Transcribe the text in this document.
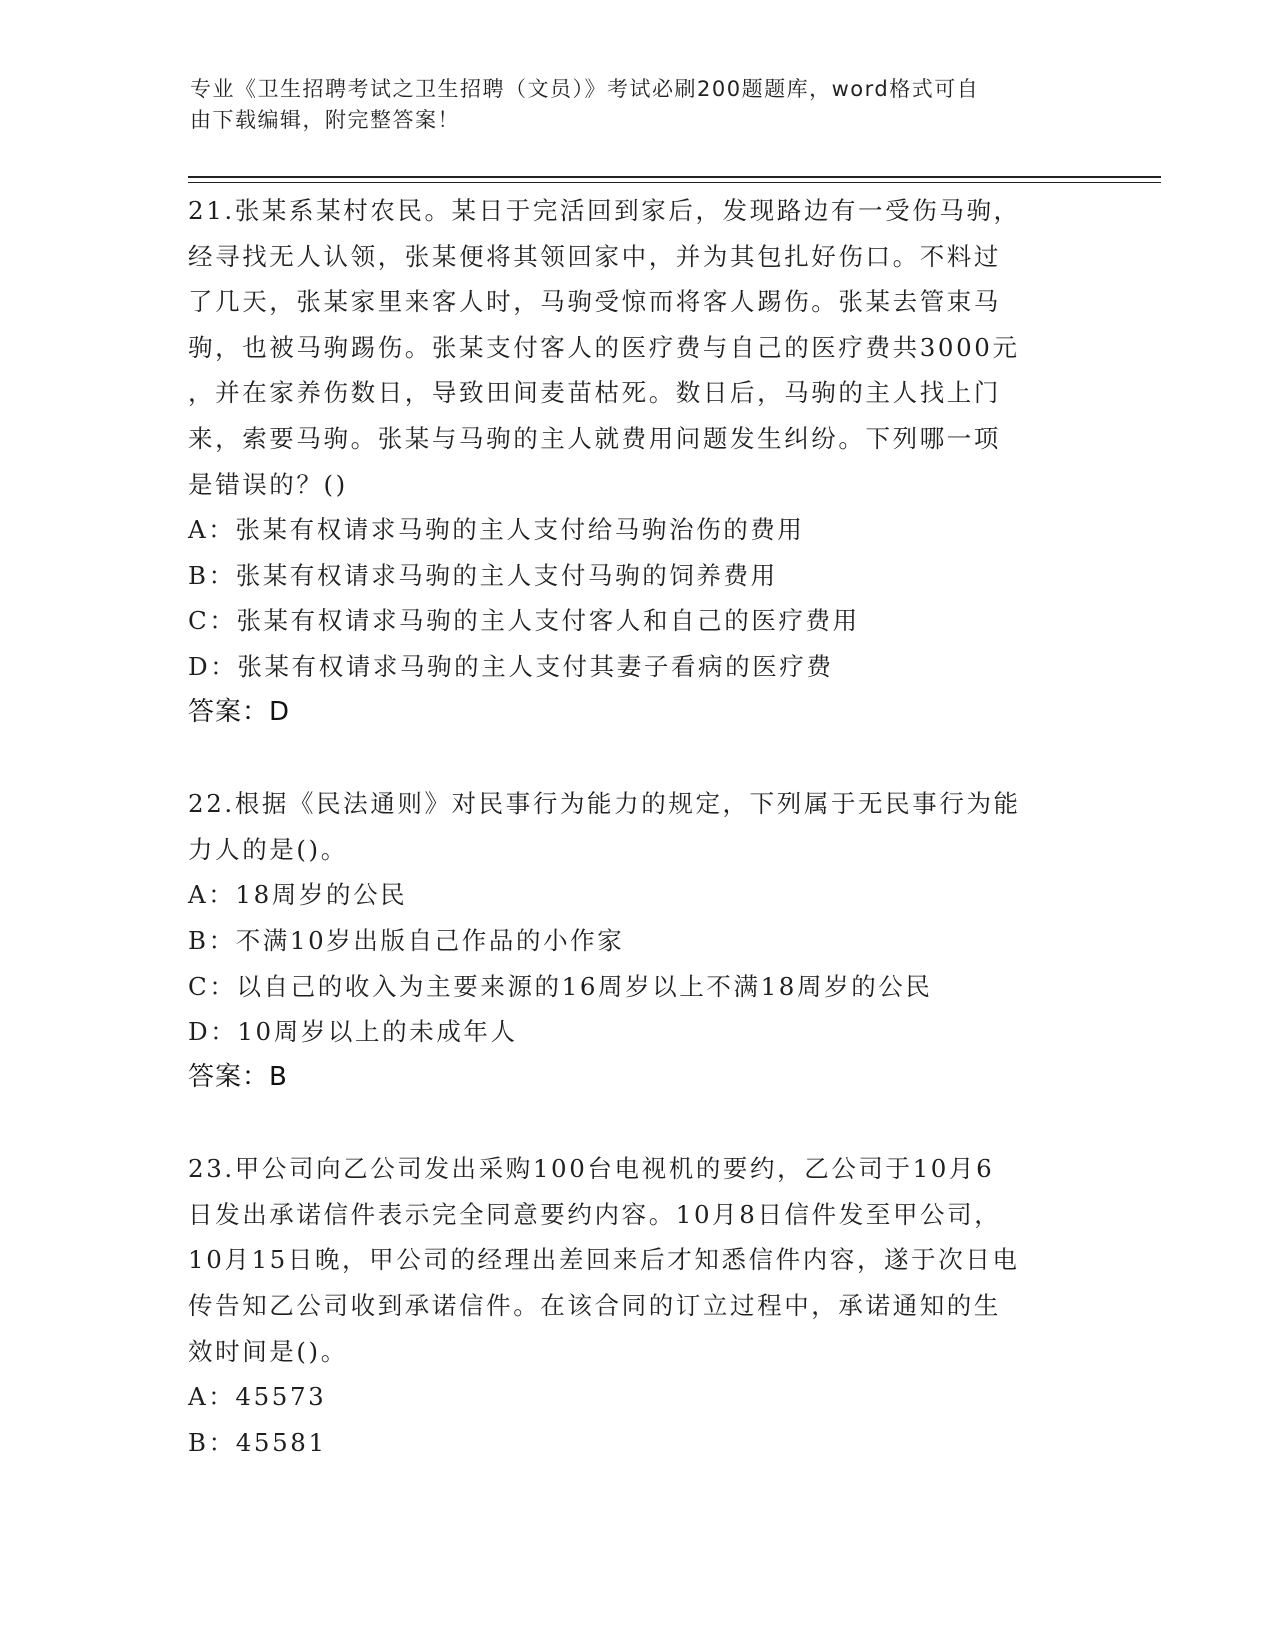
专业《卫生招聘考试之卫生招聘（文员）》考试必刷200题题库，word格式可自
由下载编辑，附完整答案！
21.张某系某村农民。某日于完活回到家后，发现路边有一受伤马驹，
经寻找无人认领，张某便将其领回家中，并为其包扎好伤口。不料过
了几天，张某家里来客人时，马驹受惊而将客人踢伤。张某去管束马
驹，也被马驹踢伤。张某支付客人的医疗费与自己的医疗费共3000元
，并在家养伤数日，导致田间麦苗枯死。数日后，马驹的主人找上门
来，索要马驹。张某与马驹的主人就费用问题发生纠纷。下列哪一项
是错误的？()
A：张某有权请求马驹的主人支付给马驹治伤的费用
B：张某有权请求马驹的主人支付马驹的饲养费用
C：张某有权请求马驹的主人支付客人和自己的医疗费用
D：张某有权请求马驹的主人支付其妻子看病的医疗费
答案：D
22.根据《民法通则》对民事行为能力的规定，下列属于无民事行为能
力人的是()。
A：18周岁的公民
B：不满10岁出版自己作品的小作家
C：以自己的收入为主要来源的16周岁以上不满18周岁的公民
D：10周岁以上的未成年人
答案：B
23.甲公司向乙公司发出采购100台电视机的要约，乙公司于10月6
日发出承诺信件表示完全同意要约内容。10月8日信件发至甲公司，
10月15日晚，甲公司的经理出差回来后才知悉信件内容，遂于次日电
传告知乙公司收到承诺信件。在该合同的订立过程中，承诺通知的生
效时间是()。
A：45573
B：45581
